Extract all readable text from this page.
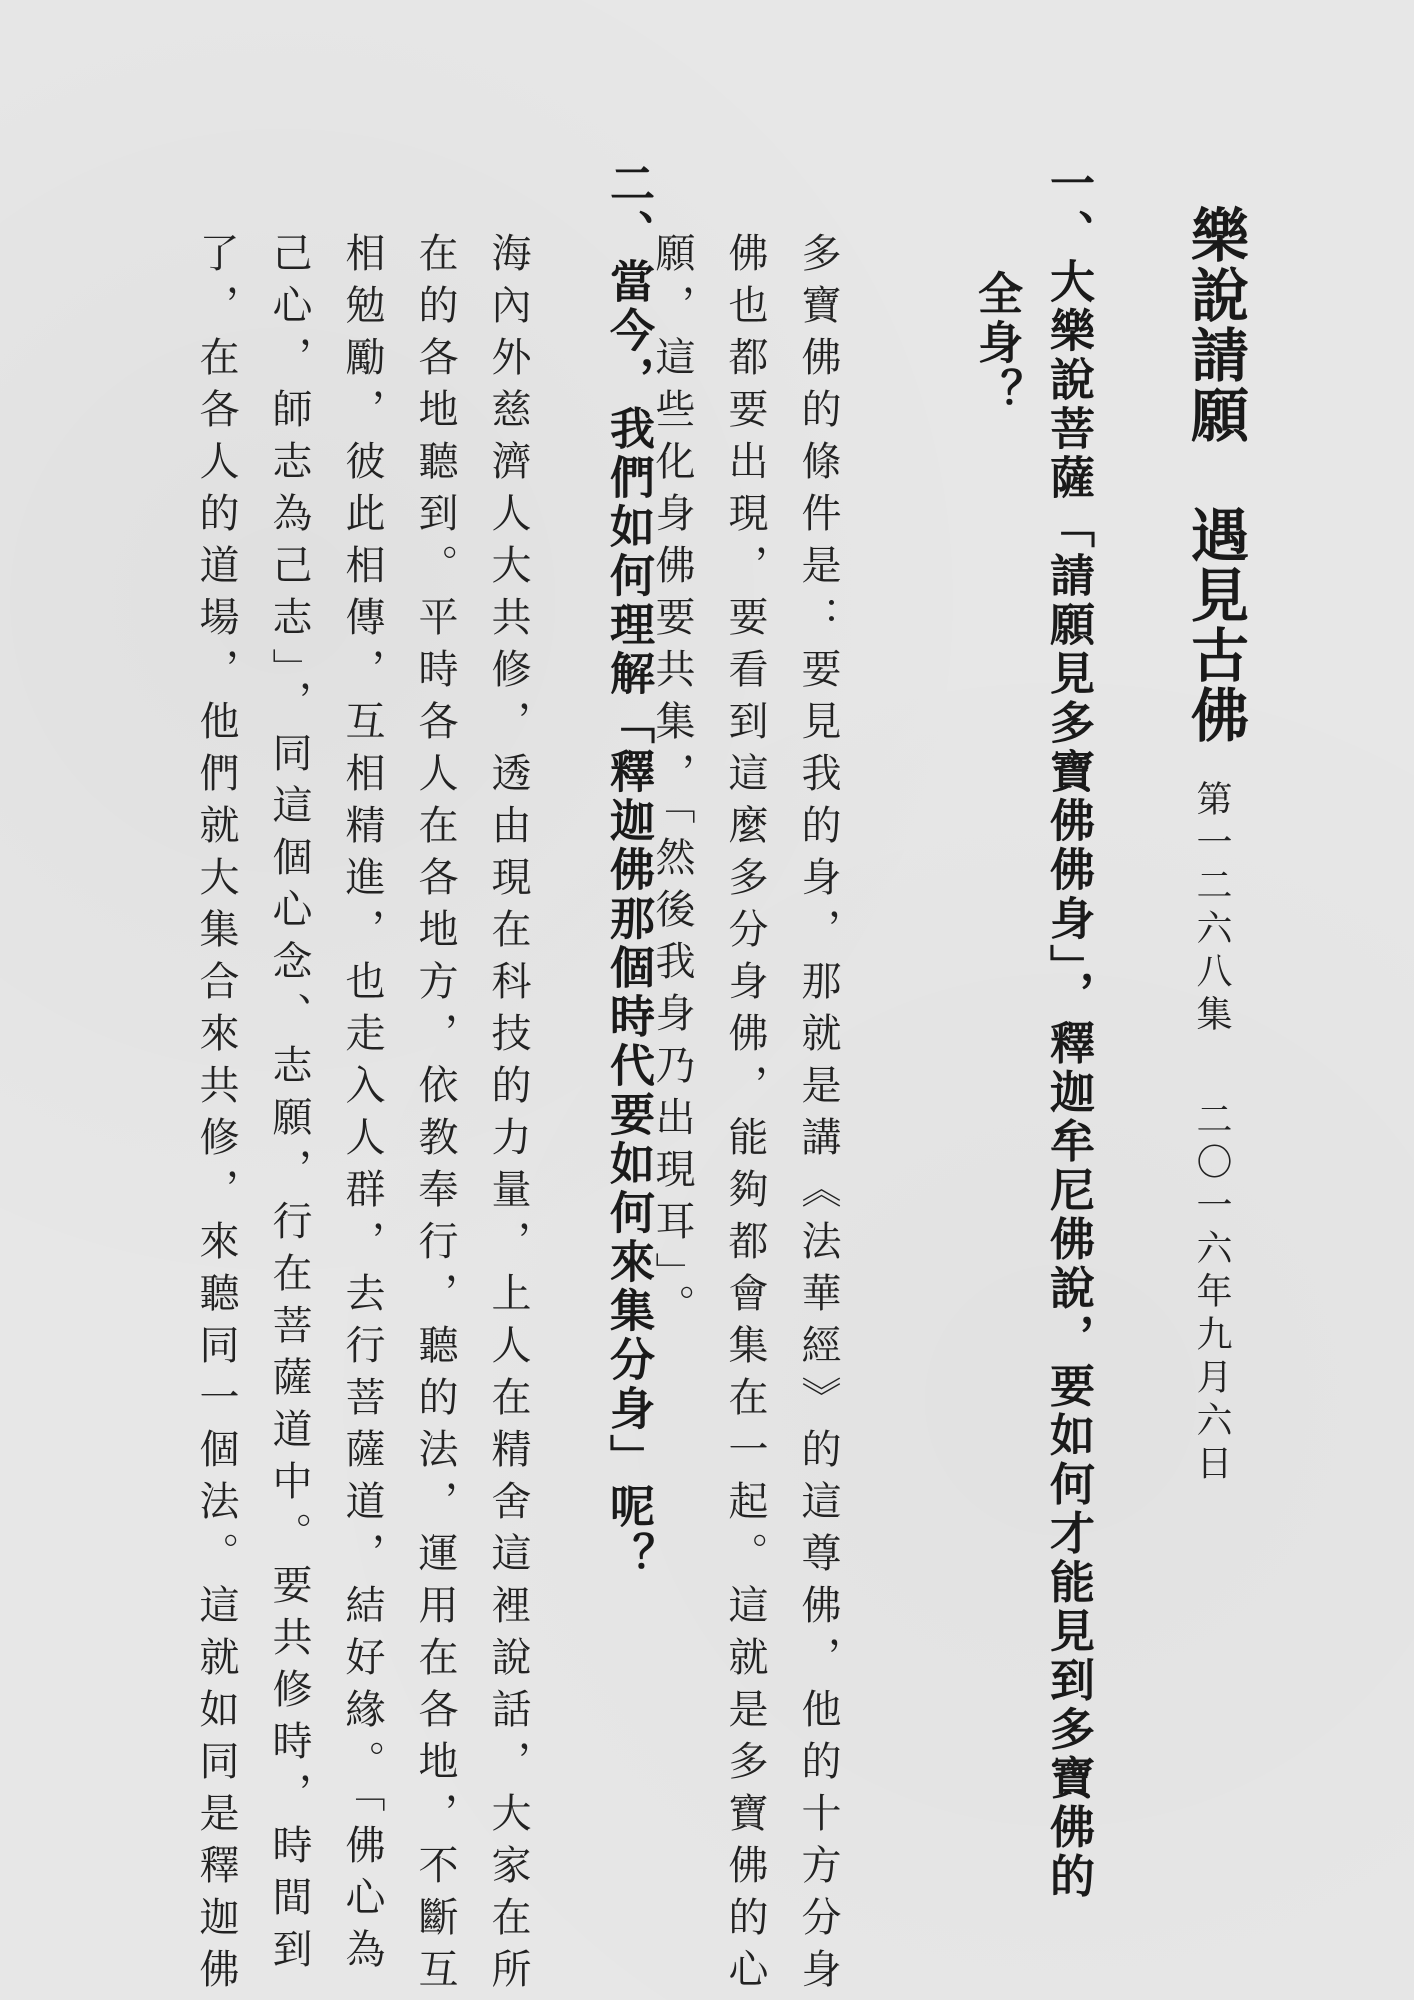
樂說請願　遇見古佛
第一二六八集
二〇一六年九月六日
一、大樂說菩薩「請願見多寶佛佛身」，釋迦牟尼佛說，要如何才能見到多寶佛的
全身？
多寶佛的條件是：要見我的身，那就是講《法華經》的這尊佛，他的十方分身
佛也都要出現，要看到這麼多分身佛，能夠都會集在一起。這就是多寶佛的心
願，這些化身佛要共集，「然後我身乃出現耳」。
二、當今，我們如何理解「釋迦佛那個時代要如何來集分身」呢？
海內外慈濟人大共修，透由現在科技的力量，上人在精舍這裡說話，大家在所
在的各地聽到。平時各人在各地方，依教奉行，聽的法，運用在各地，不斷互
相勉勵，彼此相傳，互相精進，也走入人群，去行菩薩道，結好緣。「佛心為
己心，師志為己志」，同這個心念、志願，行在菩薩道中。要共修時，時間到
了，在各人的道場，他們就大集合來共修，來聽同一個法。這就如同是釋迦佛
